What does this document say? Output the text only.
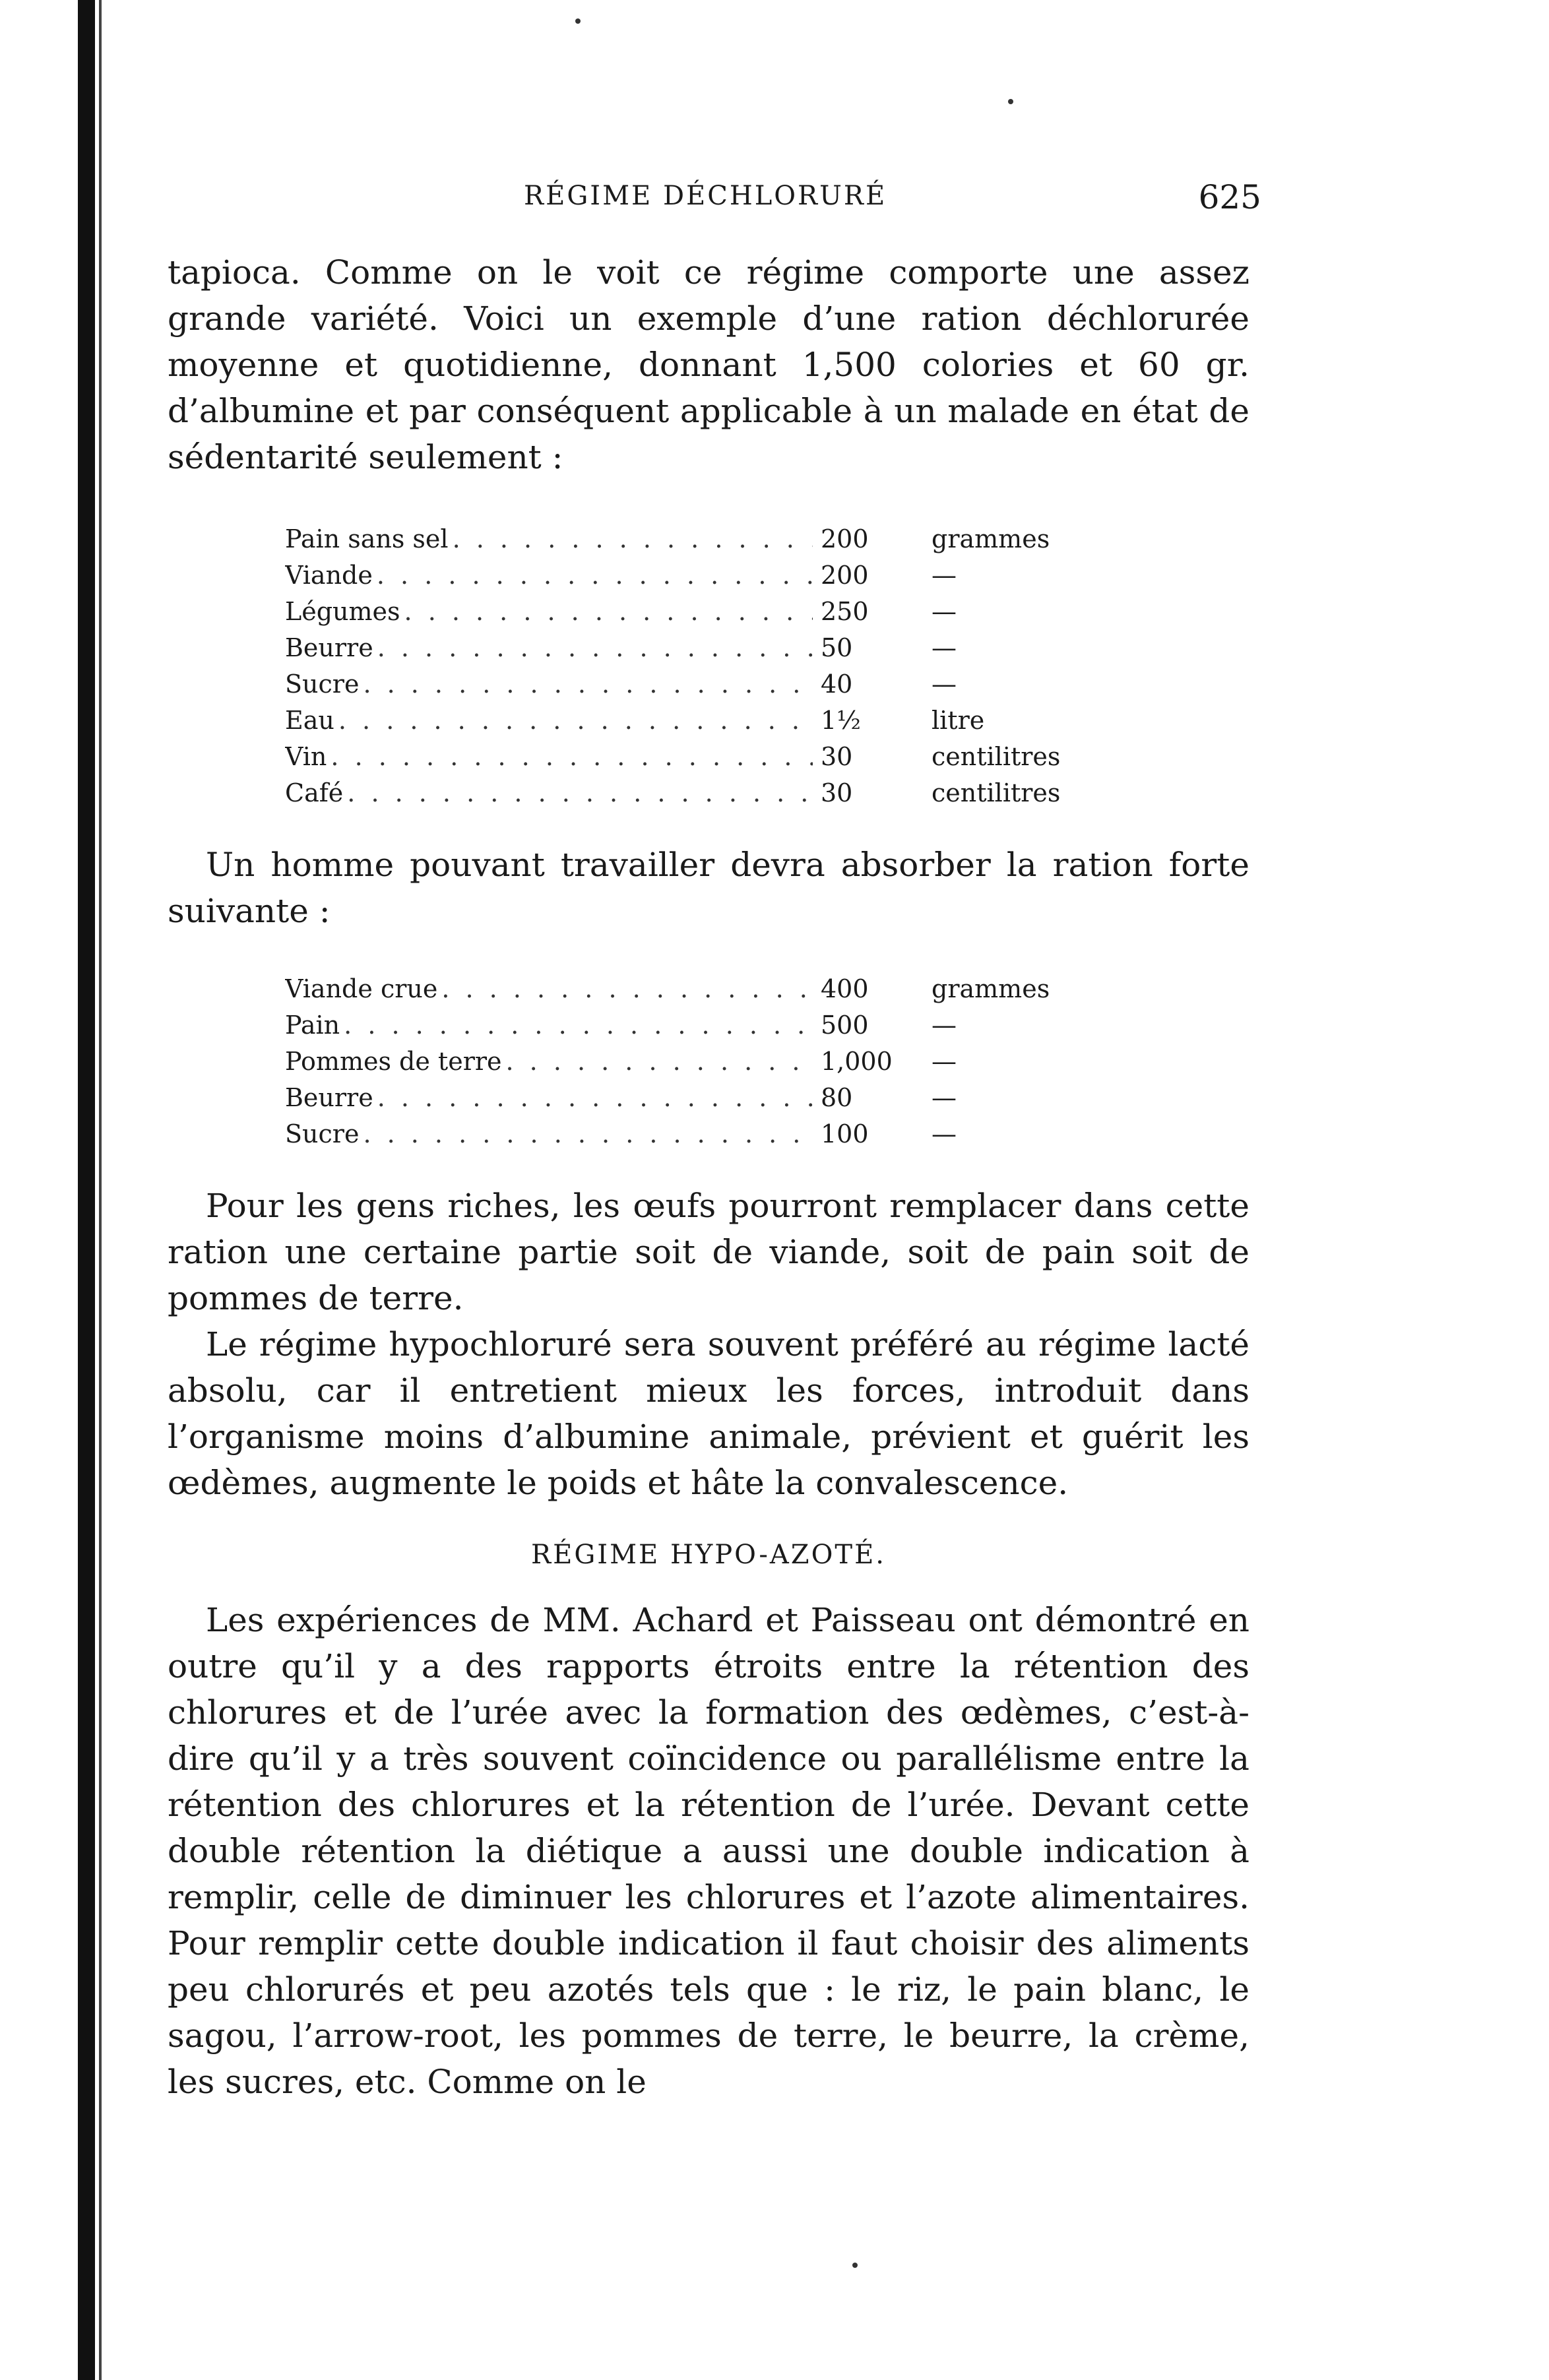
RÉGIME DÉCHLORURÉ	625

tapioca. Comme on le voit ce régime comporte une assez grande variété. Voici un exemple d’une ration déchlorurée moyenne et quotidienne, donnant 1,500 colories et 60 gr. d’albumine et par conséquent applicable à un malade en état de sédentarité seulement :

Pain sans sel . . .	200	grammes
Viande . . .	200	—
Légumes . . .	250	—
Beurre . . .	50	—
Sucre . . .	40	—
Eau . . .	1½	litre
Vin . . .	30	centilitres
Café . . .	30	centilitres

Un homme pouvant travailler devra absorber la ration forte suivante :

Viande crue . . .	400	grammes
Pain . . .	500	—
Pommes de terre . . .	1,000	—
Beurre . . .	80	—
Sucre . . .	100	—

Pour les gens riches, les œufs pourront remplacer dans cette ration une certaine partie soit de viande, soit de pain soit de pommes de terre.

Le régime hypochloruré sera souvent préféré au régime lacté absolu, car il entretient mieux les forces, introduit dans l’organisme moins d’albumine animale, prévient et guérit les œdèmes, augmente le poids et hâte la convalescence.

RÉGIME HYPO-AZOTÉ.

Les expériences de MM. Achard et Paisseau ont démontré en outre qu’il y a des rapports étroits entre la rétention des chlorures et de l’urée avec la formation des œdèmes, c’est-à-dire qu’il y a très souvent coïncidence ou parallélisme entre la rétention des chlorures et la rétention de l’urée. Devant cette double rétention la diétique a aussi une double indication à remplir, celle de diminuer les chlorures et l’azote alimentaires. Pour remplir cette double indication il faut choisir des aliments peu chlorurés et peu azotés tels que : le riz, le pain blanc, le sagou, l’arrow-root, les pommes de terre, le beurre, la crème, les sucres, etc. Comme on le
